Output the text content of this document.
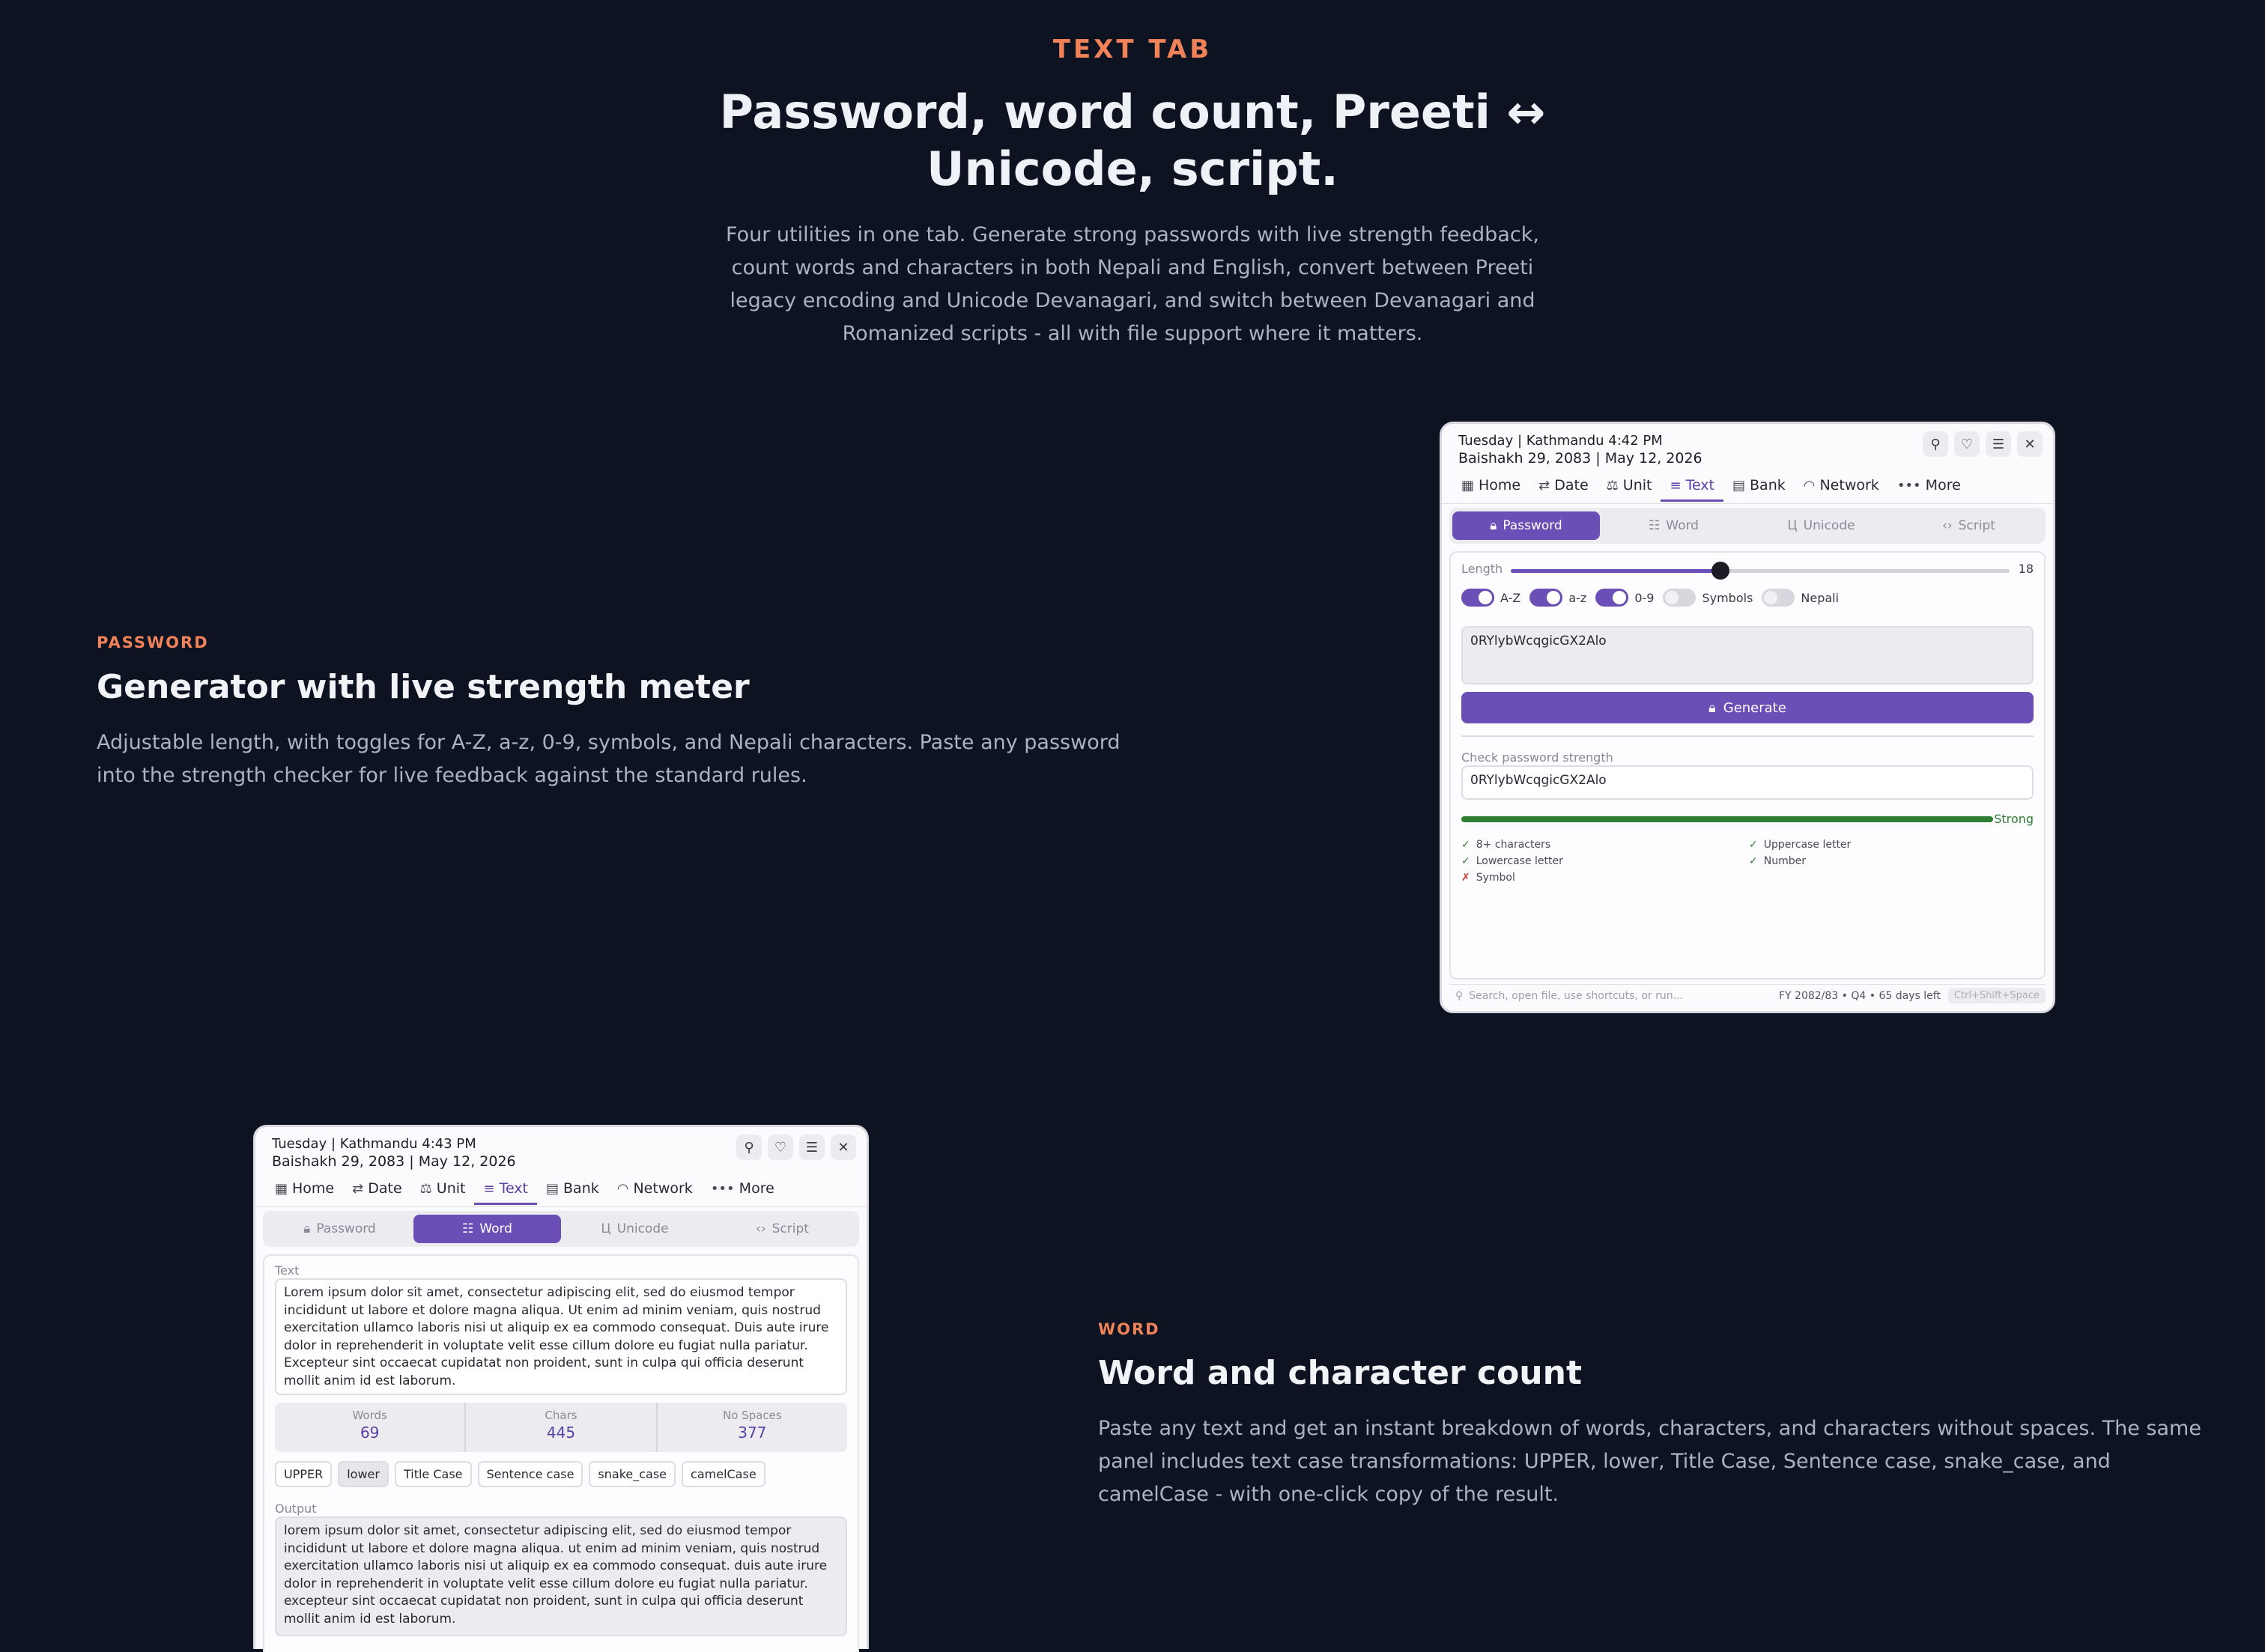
TEXT TAB
Password, word count, Preeti ↔ Unicode, script.
Four utilities in one tab. Generate strong passwords with live strength feedback, count words and characters in both Nepali and English, convert between Preeti legacy encoding and Unicode Devanagari, and switch between Devanagari and Romanized scripts - all with file support where it matters.
PASSWORD
Generator with live strength meter
Adjustable length, with toggles for A-Z, a-z, 0-9, symbols, and Nepali characters. Paste any password into the strength checker for live feedback against the standard rules.
WORD
Word and character count
Paste any text and get an instant breakdown of words, characters, and characters without spaces. The same panel includes text case transformations: UPPER, lower, Title Case, Sentence case, snake_case, and camelCase - with one-click copy of the result.
Tuesday | Kathmandu 4:42 PM
Baishakh 29, 2083 | May 12, 2026
⚲	♡	☰	✕
▦ Home ⇄ Date ⚖ Unit ≡ Text ▤ Bank ◠ Network ••• More
🔒︎ Password	☷ Word	Ц Unicode	‹› Script
Length	18
A-Z	a-z	0-9	Symbols	Nepali
0RYlybWcqgicGX2Alo
🔒︎ Generate
Check password strength
0RYlybWcqgicGX2Alo
Strong
✓ 8+ characters	✓ Uppercase letter
✓ Lowercase letter	✓ Number
✗ Symbol
⚲ Search, open file, use shortcuts, or run...	FY 2082/83 • Q4 • 65 days left	Ctrl+Shift+Space
Tuesday | Kathmandu 4:43 PM
Baishakh 29, 2083 | May 12, 2026
⚲	♡	☰	✕
▦ Home ⇄ Date ⚖ Unit ≡ Text ▤ Bank ◠ Network ••• More
🔒︎ Password	☷ Word	Ц Unicode	‹› Script
Text
Lorem ipsum dolor sit amet, consectetur adipiscing elit, sed do eiusmod tempor incididunt ut labore et dolore magna aliqua. Ut enim ad minim veniam, quis nostrud exercitation ullamco laboris nisi ut aliquip ex ea commodo consequat. Duis aute irure dolor in reprehenderit in voluptate velit esse cillum dolore eu fugiat nulla pariatur. Excepteur sint occaecat cupidatat non proident, sunt in culpa qui officia deserunt mollit anim id est laborum.
Words
69
Chars
445
No Spaces
377
UPPER	lower	Title Case	Sentence case	snake_case	camelCase
Output
lorem ipsum dolor sit amet, consectetur adipiscing elit, sed do eiusmod tempor incididunt ut labore et dolore magna aliqua. ut enim ad minim veniam, quis nostrud exercitation ullamco laboris nisi ut aliquip ex ea commodo consequat. duis aute irure dolor in reprehenderit in voluptate velit esse cillum dolore eu fugiat nulla pariatur. excepteur sint occaecat cupidatat non proident, sunt in culpa qui officia deserunt mollit anim id est laborum.
